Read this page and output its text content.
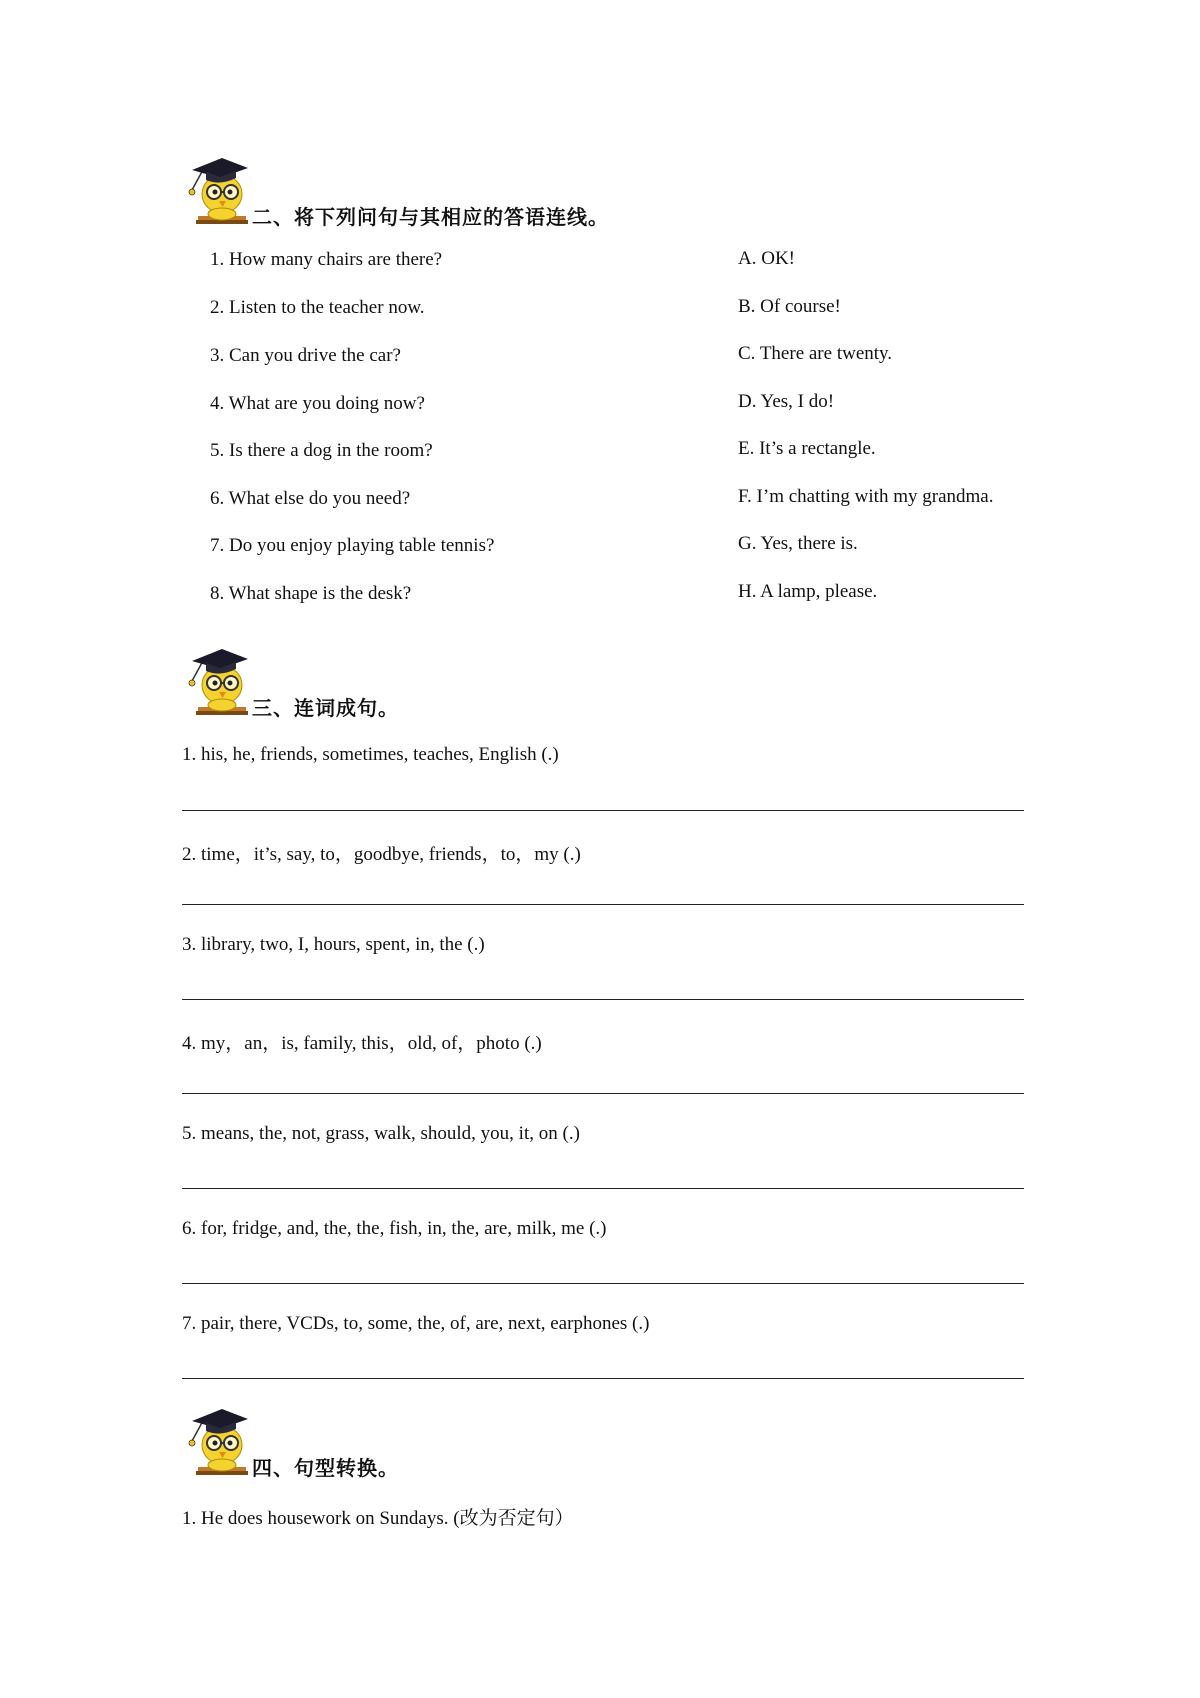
二、将下列问句与其相应的答语连线。
1. How many chairs are there?
2. Listen to the teacher now.
3. Can you drive the car?
4. What are you doing now?
5. Is there a dog in the room?
6. What else do you need?
7. Do you enjoy playing table tennis?
8. What shape is the desk?
A. OK!
B. Of course!
C. There are twenty.
D. Yes, I do!
E. It’s a rectangle.
F. I’m chatting with my grandma.
G. Yes, there is.
H. A lamp, please.
三、连词成句。
1. his, he, friends, sometimes, teaches, English (.)
2. time，it’s, say, to，goodbye, friends，to，my (.)
3. library, two, I, hours, spent, in, the (.)
4. my，an，is, family, this，old, of，photo (.)
5. means, the, not, grass, walk, should, you, it, on (.)
6. for, fridge, and, the, the, fish, in, the, are, milk, me (.)
7. pair, there, VCDs, to, some, the, of, are, next, earphones (.)
四、句型转换。
1. He does housework on Sundays. (改为否定句）
